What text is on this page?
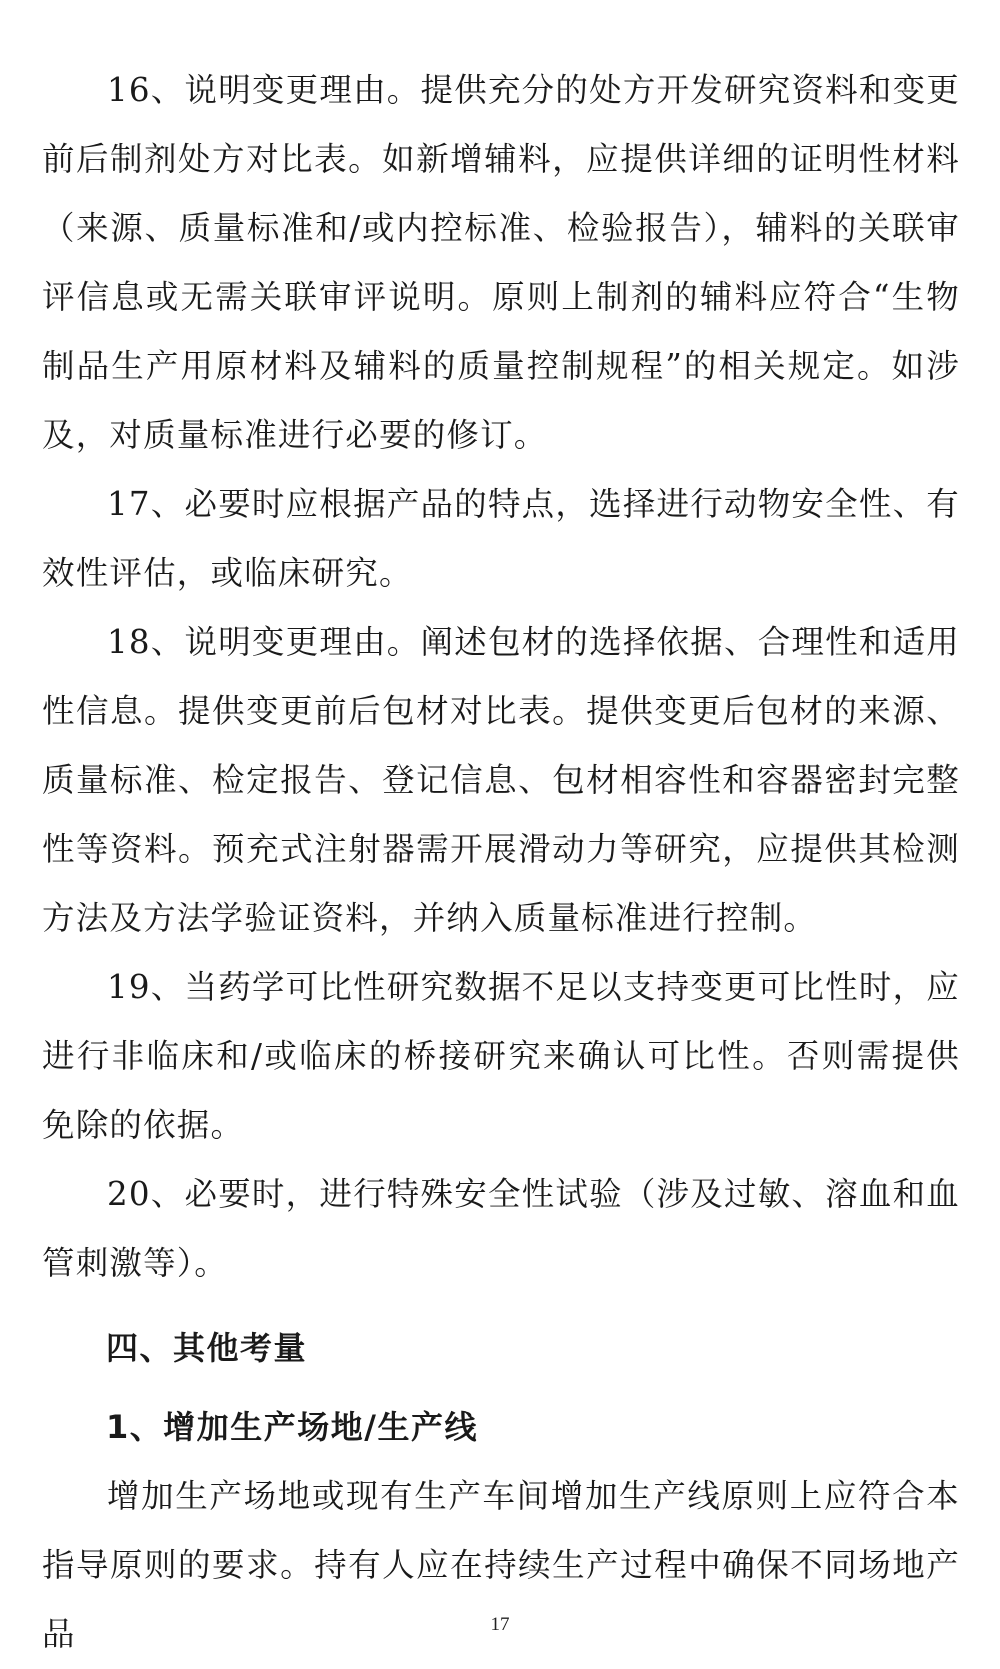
16、说明变更理由。提供充分的处方开发研究资料和变更前后制剂处方对比表。如新增辅料，应提供详细的证明性材料（来源、质量标准和/或内控标准、检验报告），辅料的关联审评信息或无需关联审评说明。原则上制剂的辅料应符合“生物制品生产用原材料及辅料的质量控制规程”的相关规定。如涉及，对质量标准进行必要的修订。

17、必要时应根据产品的特点，选择进行动物安全性、有效性评估，或临床研究。

18、说明变更理由。阐述包材的选择依据、合理性和适用性信息。提供变更前后包材对比表。提供变更后包材的来源、质量标准、检定报告、登记信息、包材相容性和容器密封完整性等资料。预充式注射器需开展滑动力等研究，应提供其检测方法及方法学验证资料，并纳入质量标准进行控制。

19、当药学可比性研究数据不足以支持变更可比性时，应进行非临床和/或临床的桥接研究来确认可比性。否则需提供免除的依据。

20、必要时，进行特殊安全性试验（涉及过敏、溶血和血管刺激等）。

四、其他考量
1、增加生产场地/生产线

增加生产场地或现有生产车间增加生产线原则上应符合本指导原则的要求。持有人应在持续生产过程中确保不同场地产品	17
